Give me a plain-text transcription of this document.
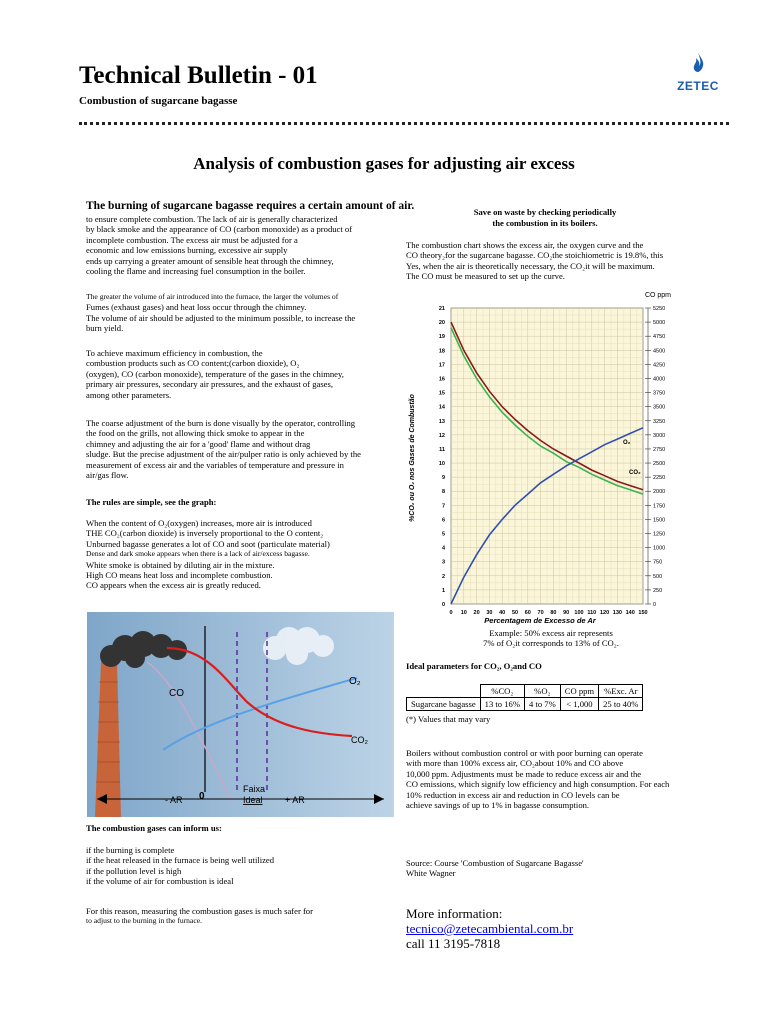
Technical Bulletin - 01
Combustion of sugarcane bagasse
ZETEC
Analysis of combustion gases for adjusting air excess
The burning of sugarcane bagasse requires a certain amount of air.

to ensure complete combustion. The lack of air is generally characterized

by black smoke and the appearance of CO (carbon monoxide) as a product of

incomplete combustion. The excess air must be adjusted for a

economic and low emissions burning, excessive air supply

ends up carrying a greater amount of sensible heat through the chimney,

cooling the flame and increasing fuel consumption in the boiler.

The greater the volume of air introduced into the furnace, the larger the volumes of

Fumes (exhaust gases) and heat loss occur through the chimney.

The volume of air should be adjusted to the minimum possible, to increase the

burn yield.

To achieve maximum efficiency in combustion, the

combustion products such as CO content;(carbon dioxide), O₂

(oxygen), CO (carbon monoxide), temperature of the gases in the chimney,

primary air pressures, secondary air pressures, and the exhaust of gases,

among other parameters.

The coarse adjustment of the burn is done visually by the operator, controlling

the food on the grills, not allowing thick smoke to appear in the

chimney and adjusting the air for a 'good' flame and without drag

sludge. But the precise adjustment of the air/pulper ratio is only achieved by the

measurement of excess air and the variables of temperature and pressure in

air/gas flow.

The rules are simple, see the graph:
When the content of O₂(oxygen) increases, more air is introduced
THE CO₂(carbon dioxide) is inversely proportional to the O content₂
Unburned bagasse generates a lot of CO and soot (particulate material)
Dense and dark smoke appears when there is a lack of air/excess bagasse.
White smoke is obtained by diluting air in the mixture.
High CO means heat loss and incomplete combustion.
CO appears when the excess air is greatly reduced.
CO
O₂
CO₂
0
Faixa
Ideal
- AR	+ AR
The combustion gases can inform us:
if the burning is complete
if the heat released in the furnace is being well utilized
if the pollution level is high
if the volume of air for combustion is ideal

For this reason, measuring the combustion gases is much safer for

to adjust to the burning in the furnace.

Save on waste by checking periodically
the combustion in its boilers.

The combustion chart shows the excess air, the oxygen curve and the

CO theory₂for the sugarcane bagasse. CO₂the stoichiometric is 19.8%, this

Yes, when the air is theoretically necessary, the CO₂it will be maximum.

The CO must be measured to set up the curve.

0 10 20 30 40 50 60 70 80 90 100 110 120 130 140 150
0
1
2
3
4
5
6
7
8
9
10
11
12
13
14
15
16
17
18
19
20
21
0
250
500
750
1000
1250
1500
1750
2000
2250
2500
2750
3000
3250
3500
3750
4000
4250
4500
4750
5000
5250
CO ppm
Percentagem de Excesso de Ar
%CO₂ ou O₂ nos Gases de Combustão	CO₂
O₂
Example: 50% excess air represents
7% of O₂it corresponds to 13% of CO₂.
Ideal parameters for CO₂, O₂and CO
	%CO₂	%O₂	CO ppm	%Exc. Ar
Sugarcane bagasse	13 to 16%	4 to 7%	< 1,000	25 to 40%
(*) Values that may vary

Boilers without combustion control or with poor burning can operate

with more than 100% excess air, CO₂about 10% and CO above

10,000 ppm. Adjustments must be made to reduce excess air and the

CO emissions, which signify low efficiency and high consumption. For each

10% reduction in excess air and reduction in CO levels can be

achieve savings of up to 1% in bagasse consumption.

Source: Course 'Combustion of Sugarcane Bagasse'

White Wagner

More information:
tecnico@zetecambiental.com.br
call 11 3195-7818
